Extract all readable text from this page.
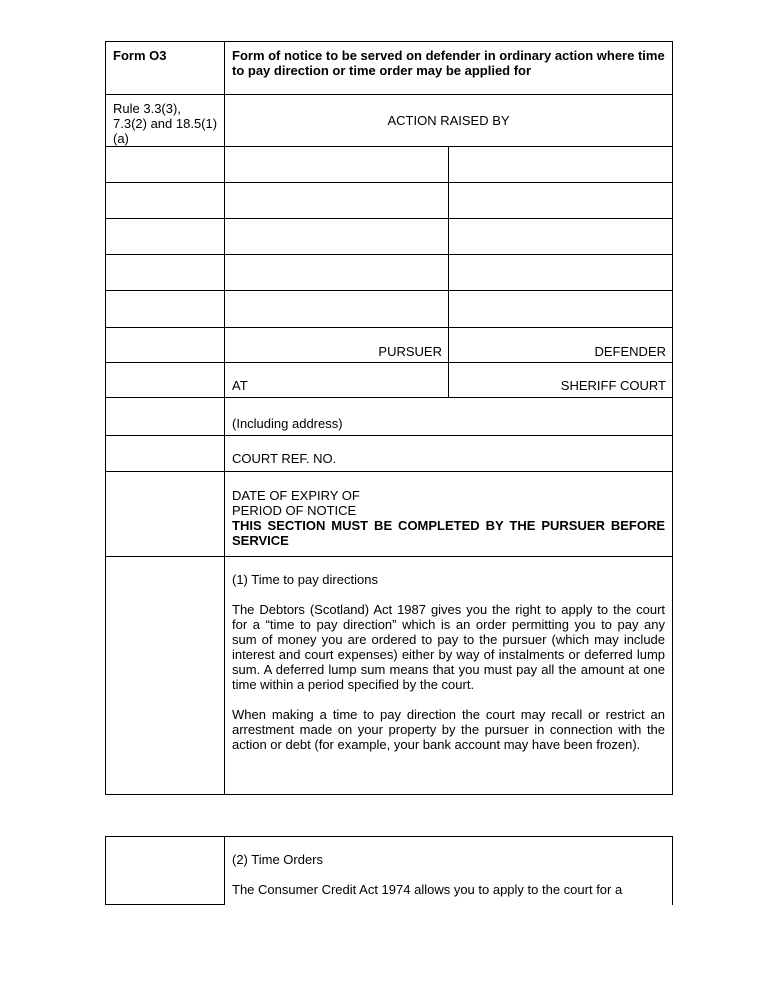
Form O3	Form of notice to be served on defender in ordinary action where time to pay direction or time order may be applied for	
Rule 3.3(3), 7.3(2) and 18.5(1)(a)	ACTION RAISED BY	

	PURSUER	DEFENDER
	AT	SHERIFF COURT
	(Including address)	
	COURT REF. NO.	

	DATE OF EXPIRY OF

PERIOD OF NOTICE

THIS SECTION MUST BE COMPLETED BY THE PURSUER BEFORE SERVICE	

	(1) Time to pay directions

The Debtors (Scotland) Act 1987 gives you the right to apply to the court for a “time to pay direction” which is an order permitting you to pay any sum of money you are ordered to pay to the pursuer (which may include interest and court expenses) either by way of instalments or deferred lump sum. A deferred lump sum means that you must pay all the amount at one time within a period specified by the court.

When making a time to pay direction the court may recall or restrict an arrestment made on your property by the pursuer in connection with the action or debt (for example, your bank account may have been frozen).	

(2) Time Orders

The Consumer Credit Act 1974 allows you to apply to the court for a
